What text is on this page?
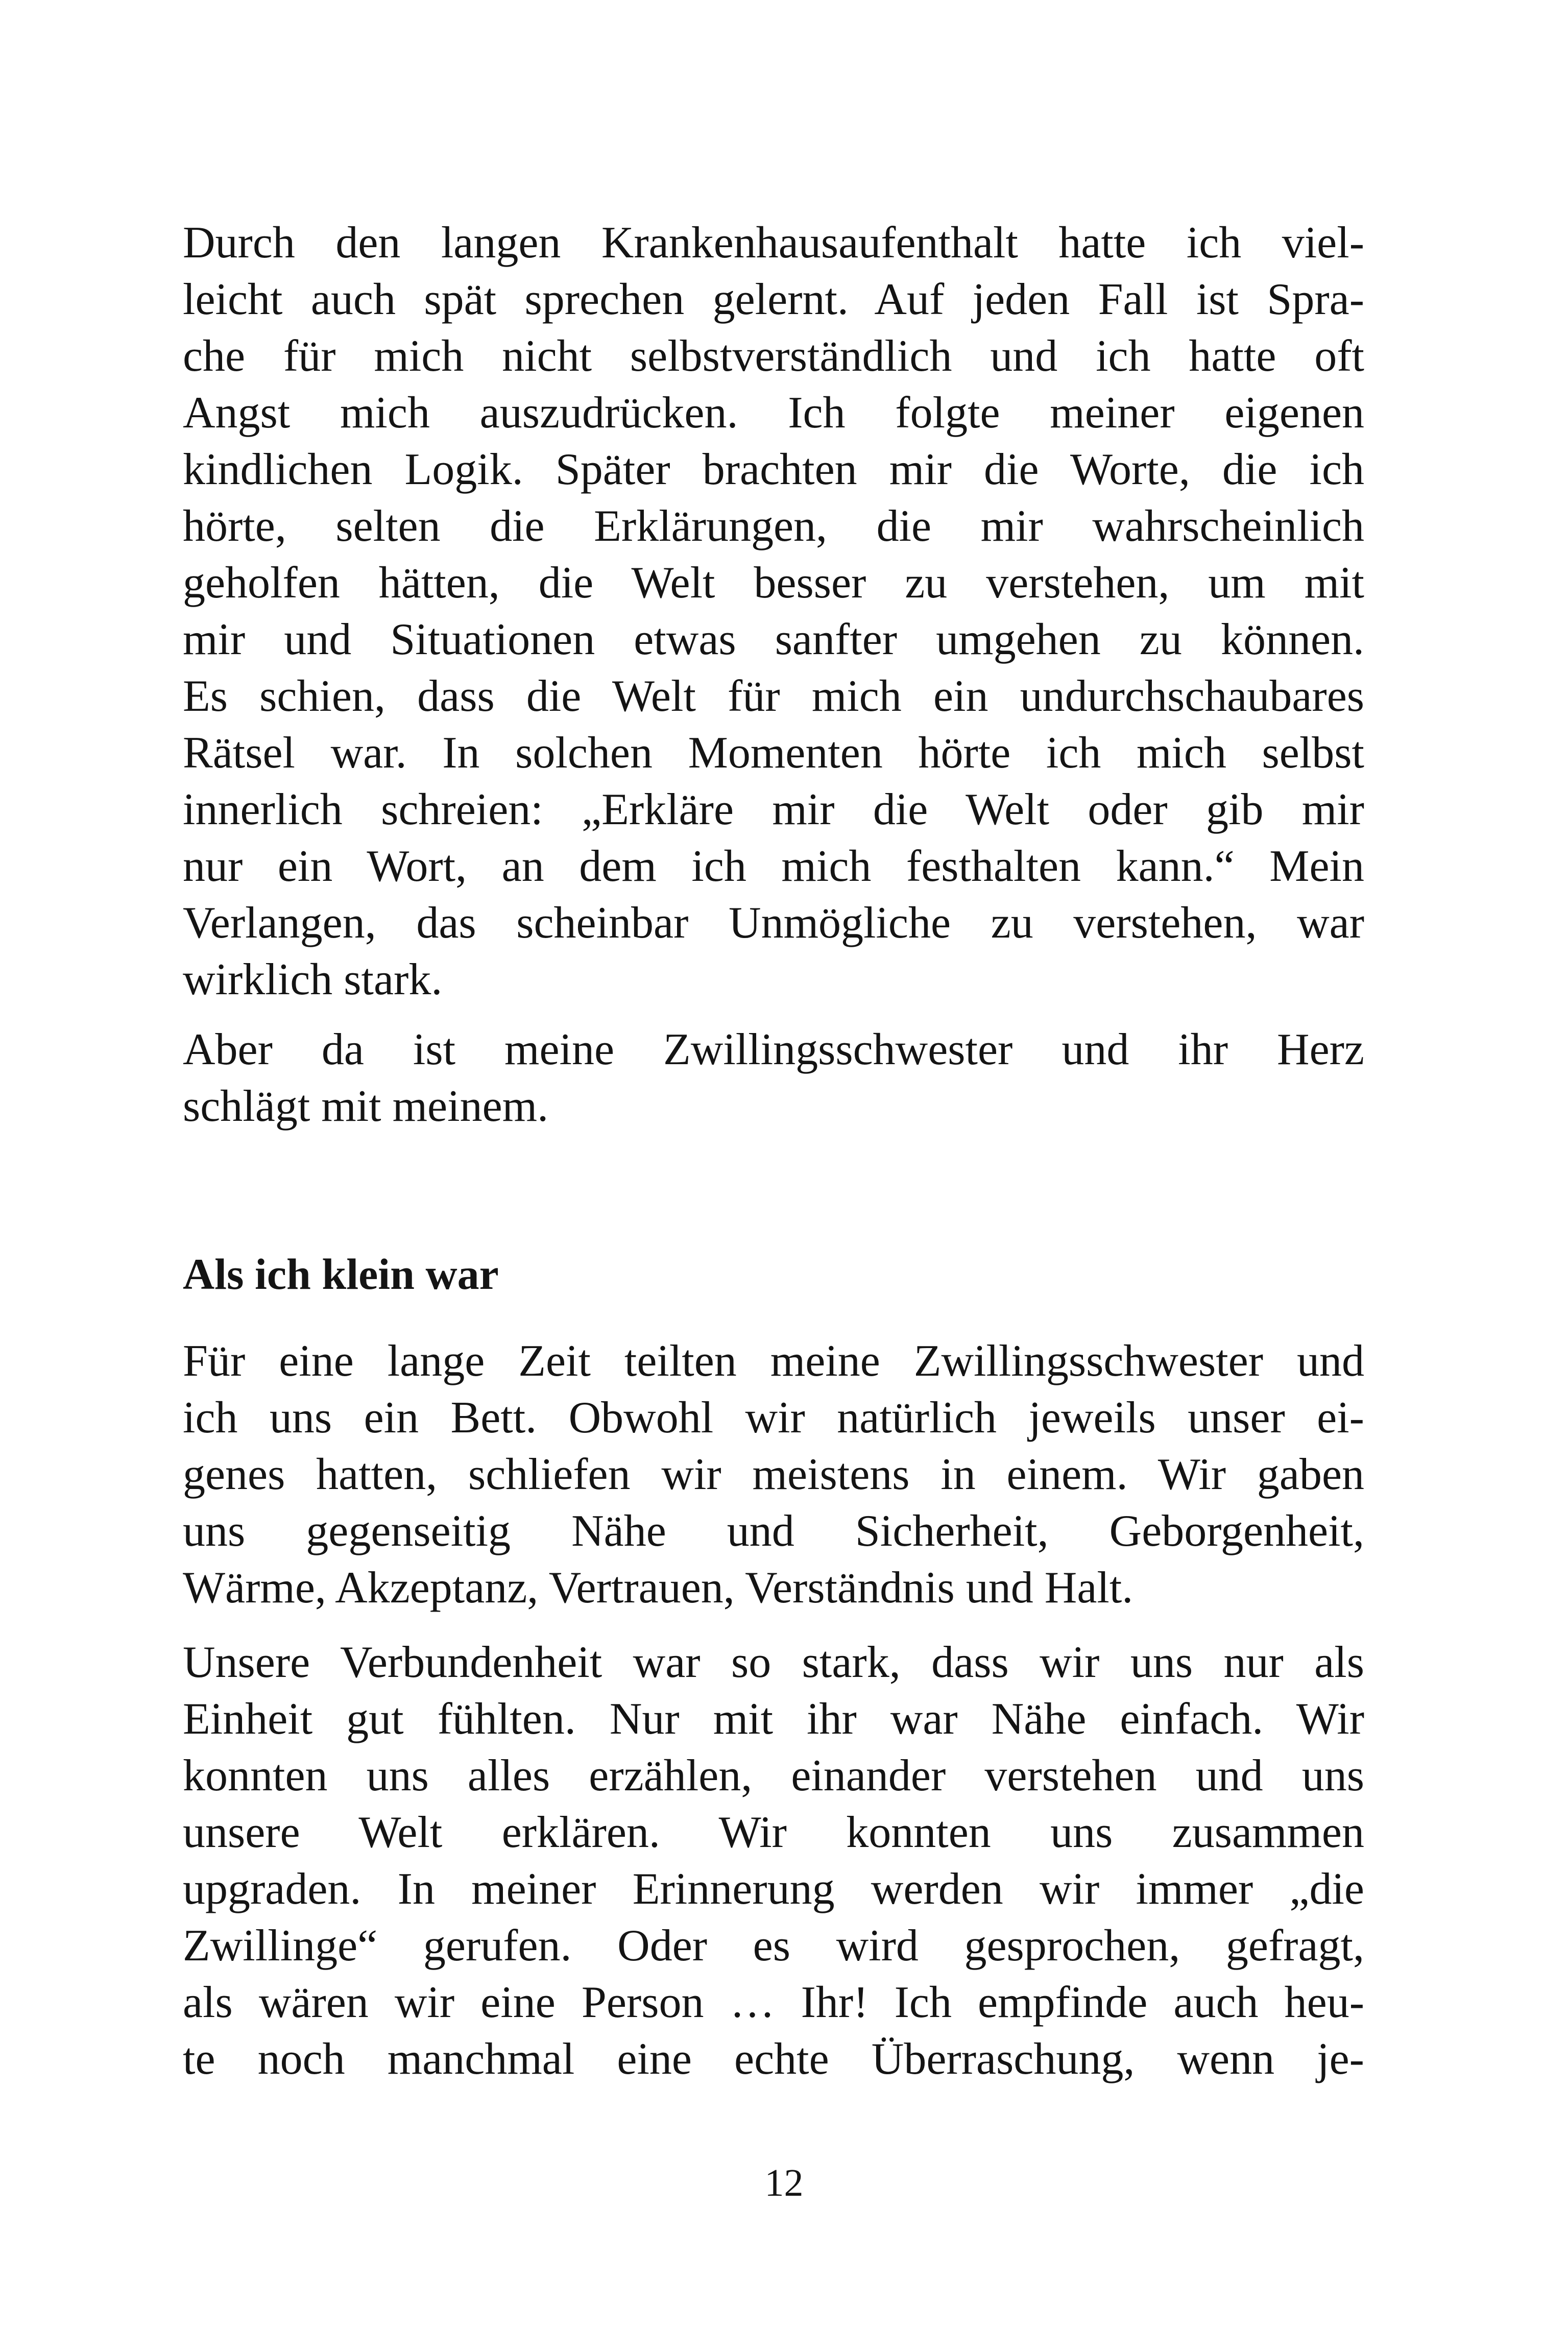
Durch den langen Krankenhausaufenthalt hatte ich viel-
leicht auch spät sprechen gelernt. Auf jeden Fall ist Spra-
che für mich nicht selbstverständlich und ich hatte oft
Angst mich auszudrücken. Ich folgte meiner eigenen
kindlichen Logik. Später brachten mir die Worte, die ich
hörte, selten die Erklärungen, die mir wahrscheinlich
geholfen hätten, die Welt besser zu verstehen, um mit
mir und Situationen etwas sanfter umgehen zu können.
Es schien, dass die Welt für mich ein undurchschaubares
Rätsel war. In solchen Momenten hörte ich mich selbst
innerlich schreien: „Erkläre mir die Welt oder gib mir
nur ein Wort, an dem ich mich festhalten kann.“ Mein
Verlangen, das scheinbar Unmögliche zu verstehen, war
wirklich stark.
Aber da ist meine Zwillingsschwester und ihr Herz
schlägt mit meinem.
Als ich klein war
Für eine lange Zeit teilten meine Zwillingsschwester und
ich uns ein Bett. Obwohl wir natürlich jeweils unser ei-
genes hatten, schliefen wir meistens in einem. Wir gaben
uns gegenseitig Nähe und Sicherheit, Geborgenheit,
Wärme, Akzeptanz, Vertrauen, Verständnis und Halt.
Unsere Verbundenheit war so stark, dass wir uns nur als
Einheit gut fühlten. Nur mit ihr war Nähe einfach. Wir
konnten uns alles erzählen, einander verstehen und uns
unsere Welt erklären. Wir konnten uns zusammen
upgraden. In meiner Erinnerung werden wir immer „die
Zwillinge“ gerufen. Oder es wird gesprochen, gefragt,
als wären wir eine Person … Ihr! Ich empfinde auch heu-
te noch manchmal eine echte Überraschung, wenn je-
12
